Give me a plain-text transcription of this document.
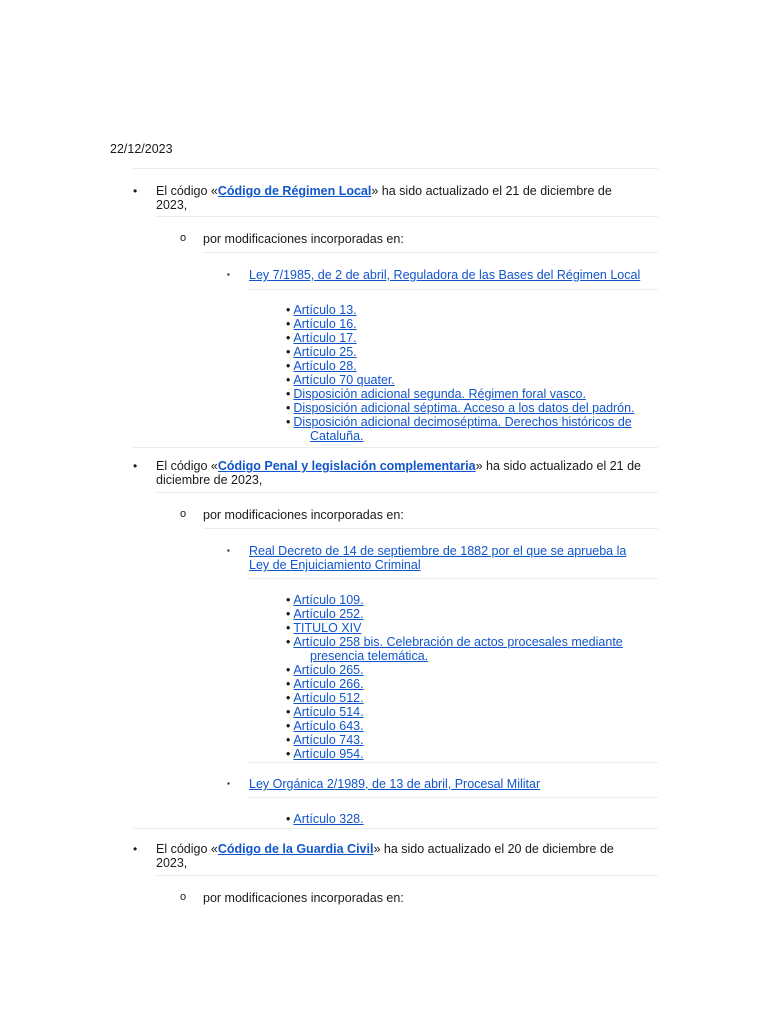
22/12/2023
• El código «Código de Régimen Local» ha sido actualizado el 21 de diciembre de
2023,
o por modificaciones incorporadas en:
▪ Ley 7/1985, de 2 de abril, Reguladora de las Bases del Régimen Local
• Artículo 13.
• Artículo 16.
• Artículo 17.
• Artículo 25.
• Artículo 28.
• Artículo 70 quater.
• Disposición adicional segunda. Régimen foral vasco.
• Disposición adicional séptima. Acceso a los datos del padrón.
• Disposición adicional decimoséptima. Derechos históricos de
Cataluña.
• El código «Código Penal y legislación complementaria» ha sido actualizado el 21 de
diciembre de 2023,
o por modificaciones incorporadas en:
▪ Real Decreto de 14 de septiembre de 1882 por el que se aprueba la
Ley de Enjuiciamiento Criminal
• Artículo 109.
• Artículo 252.
• TITULO XIV
• Artículo 258 bis. Celebración de actos procesales mediante
presencia telemática.
• Artículo 265.
• Artículo 266.
• Artículo 512.
• Artículo 514.
• Artículo 643.
• Artículo 743.
• Artículo 954.
▪ Ley Orgánica 2/1989, de 13 de abril, Procesal Militar
• Artículo 328.
• El código «Código de la Guardia Civil» ha sido actualizado el 20 de diciembre de
2023,
o por modificaciones incorporadas en:
